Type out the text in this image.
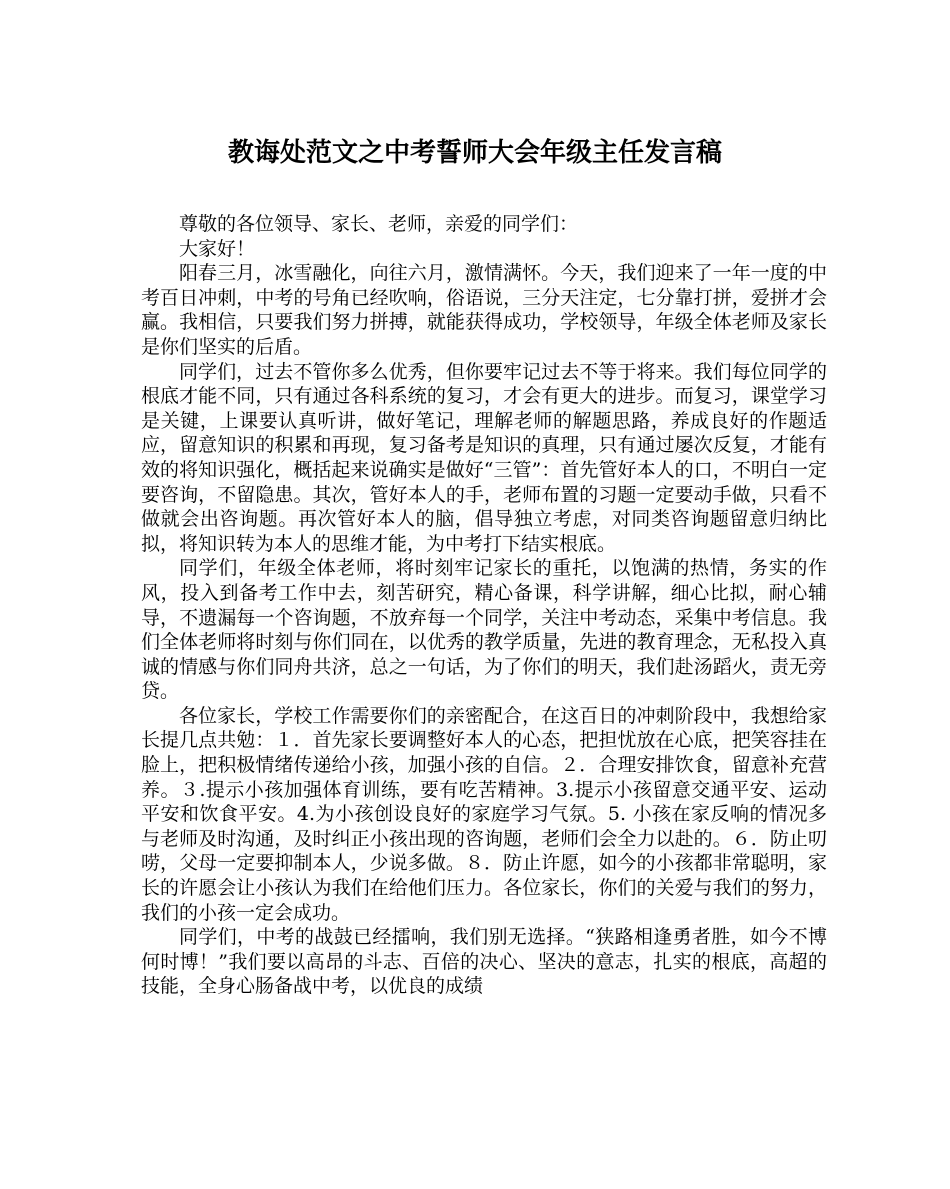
教诲处范文之中考誓师大会年级主任发言稿

尊敬的各位领导、家长、老师，亲爱的同学们：

大家好！

阳春三月，冰雪融化，向往六月，激情满怀。今天，我们迎来了一年一度的中考百日冲刺，中考的号角已经吹响，俗语说，三分天注定，七分靠打拼，爱拼才会赢。我相信，只要我们努力拼搏，就能获得成功，学校领导，年级全体老师及家长是你们坚实的后盾。

同学们，过去不管你多么优秀，但你要牢记过去不等于将来。我们每位同学的根底才能不同，只有通过各科系统的复习，才会有更大的进步。而复习，课堂学习是关键，上课要认真听讲，做好笔记，理解老师的解题思路，养成良好的作题适应，留意知识的积累和再现，复习备考是知识的真理，只有通过屡次反复，才能有效的将知识强化，概括起来说确实是做好“三管”：首先管好本人的口，不明白一定要咨询，不留隐患。其次，管好本人的手，老师布置的习题一定要动手做，只看不做就会出咨询题。再次管好本人的脑，倡导独立考虑，对同类咨询题留意归纳比拟，将知识转为本人的思维才能，为中考打下结实根底。

同学们，年级全体老师，将时刻牢记家长的重托，以饱满的热情，务实的作风，投入到备考工作中去，刻苦研究，精心备课，科学讲解，细心比拟，耐心辅导，不遗漏每一个咨询题，不放弃每一个同学，关注中考动态，采集中考信息。我们全体老师将时刻与你们同在，以优秀的教学质量，先进的教育理念，无私投入真诚的情感与你们同舟共济，总之一句话，为了你们的明天，我们赴汤蹈火，责无旁贷。

各位家长，学校工作需要你们的亲密配合，在这百日的冲刺阶段中，我想给家长提几点共勉：１．首先家长要调整好本人的心态，把担忧放在心底，把笑容挂在脸上，把积极情绪传递给小孩，加强小孩的自信。２．合理安排饮食，留意补充营养。３.提示小孩加强体育训练，要有吃苦精神。3.提示小孩留意交通平安、运动平安和饮食平安。4.为小孩创设良好的家庭学习气氛。5. 小孩在家反响的情况多与老师及时沟通，及时纠正小孩出现的咨询题，老师们会全力以赴的。６．防止叨唠，父母一定要抑制本人，少说多做。８．防止许愿，如今的小孩都非常聪明，家长的许愿会让小孩认为我们在给他们压力。各位家长，你们的关爱与我们的努力，我们的小孩一定会成功。

同学们，中考的战鼓已经擂响，我们别无选择。“狭路相逢勇者胜，如今不博何时博！”我们要以高昂的斗志、百倍的决心、坚决的意志，扎实的根底，高超的技能，全身心肠备战中考，以优良的成绩
